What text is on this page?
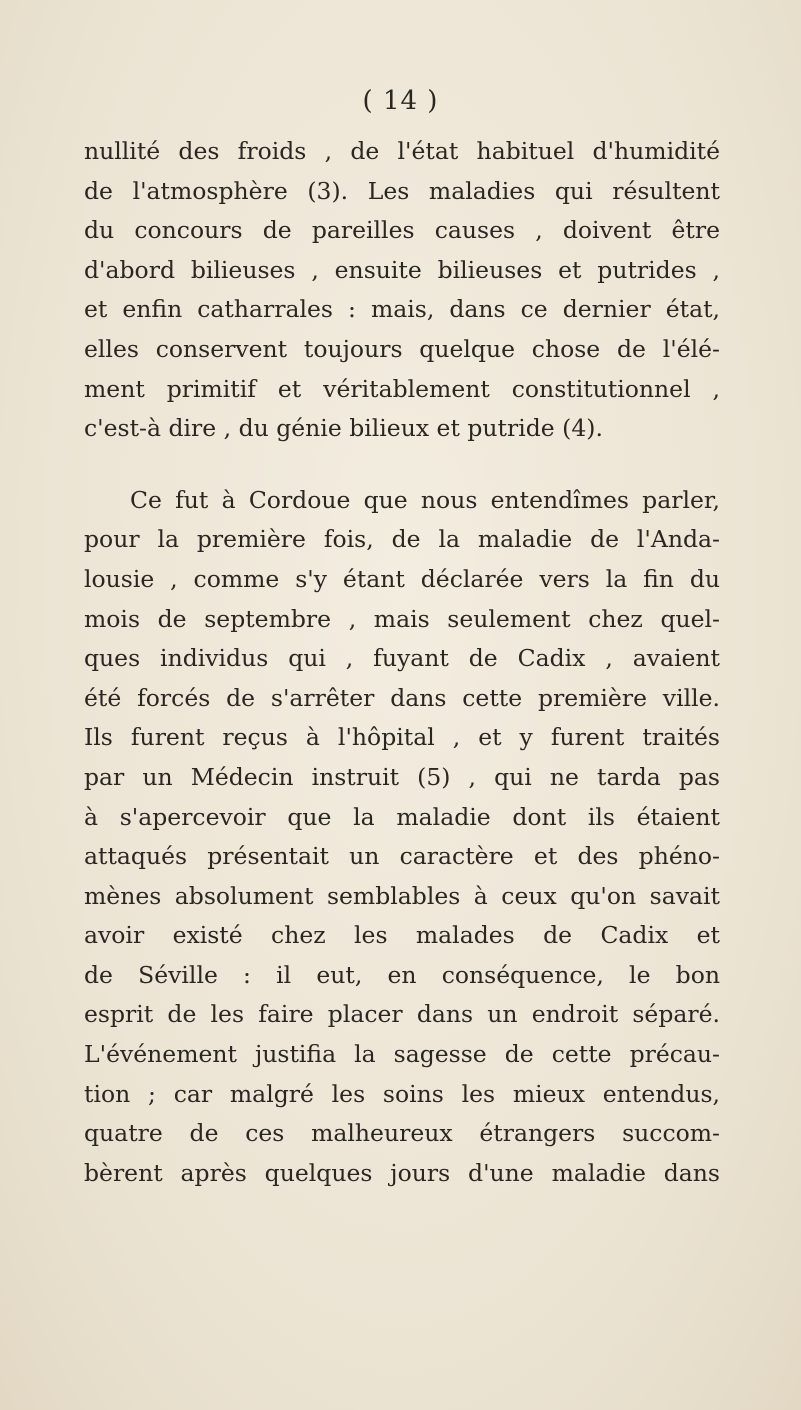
( 14 )
nullité des froids , de l'état habituel d'humidité
de l'atmosphère (3). Les maladies qui résultent
du concours de pareilles causes , doivent être
d'abord bilieuses , ensuite bilieuses et putrides ,
et enfin catharrales : mais, dans ce dernier état,
elles conservent toujours quelque chose de l'élé-
ment primitif et véritablement constitutionnel ,
c'est-à dire , du génie bilieux et putride (4).
Ce fut à Cordoue que nous entendîmes parler,
pour la première fois, de la maladie de l'Anda-
lousie , comme s'y étant déclarée vers la fin du
mois de septembre , mais seulement chez quel-
ques individus qui , fuyant de Cadix , avaient
été forcés de s'arrêter dans cette première ville.
Ils furent reçus à l'hôpital , et y furent traités
par un Médecin instruit (5) , qui ne tarda pas
à s'apercevoir que la maladie dont ils étaient
attaqués présentait un caractère et des phéno-
mènes absolument semblables à ceux qu'on savait
avoir existé chez les malades de Cadix et
de Séville : il eut, en conséquence, le bon
esprit de les faire placer dans un endroit séparé.
L'événement justifia la sagesse de cette précau-
tion ; car malgré les soins les mieux entendus,
quatre de ces malheureux étrangers succom-
bèrent après quelques jours d'une maladie dans
